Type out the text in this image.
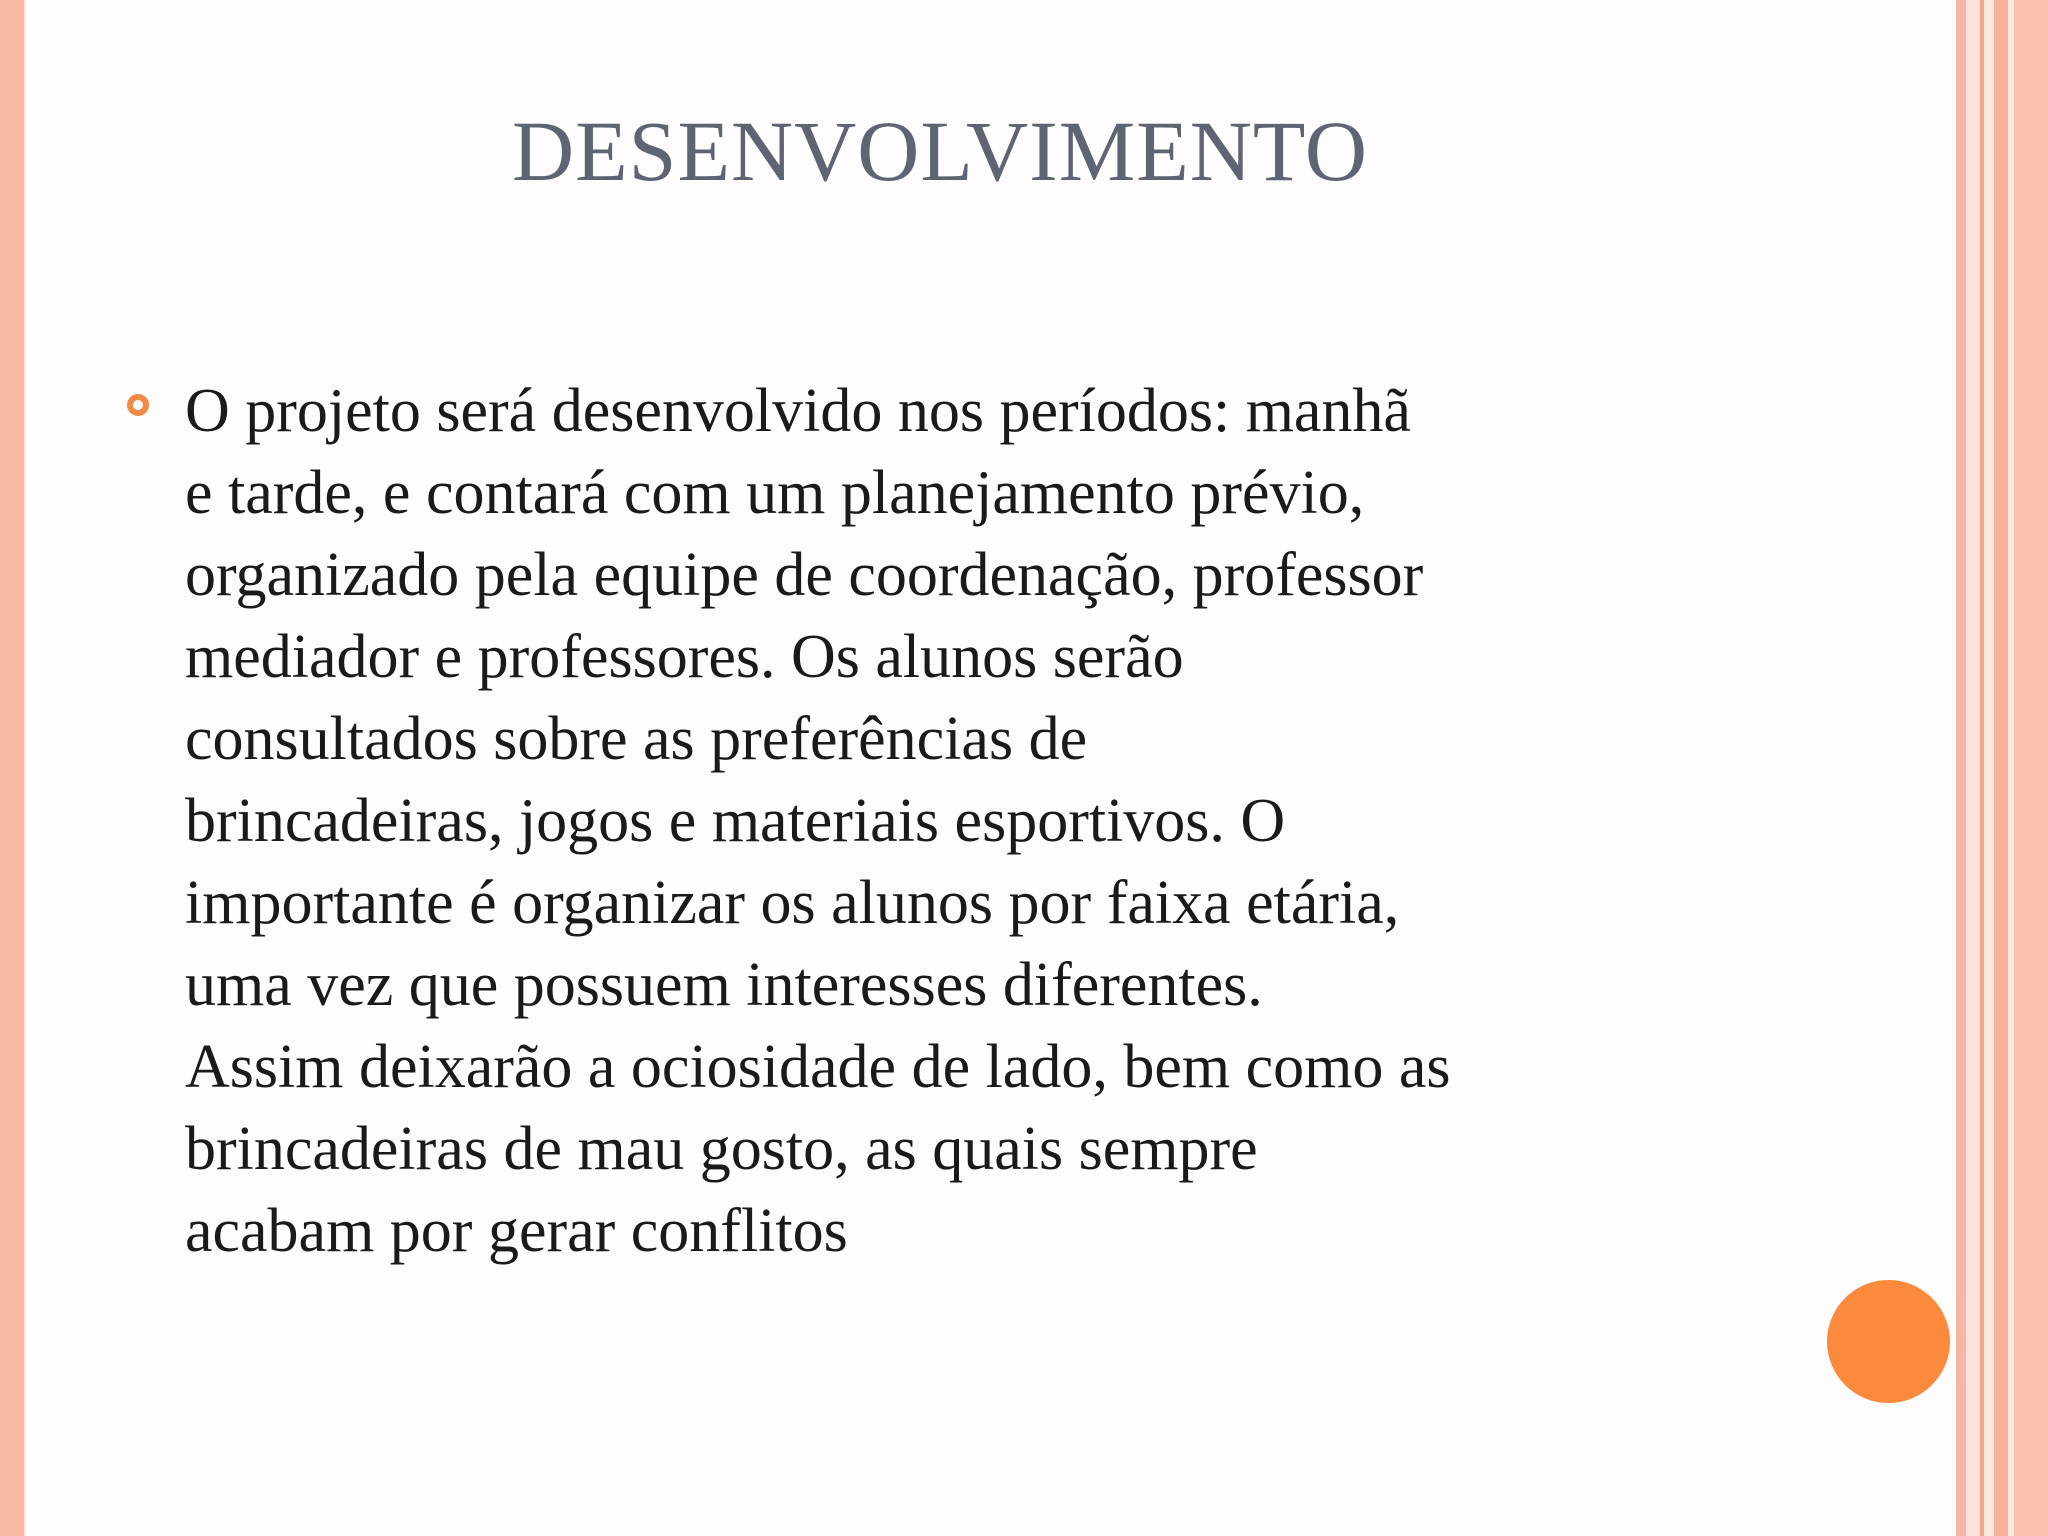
DESENVOLVIMENTO

O projeto será desenvolvido nos períodos: manhã
e tarde, e contará com um planejamento prévio,
organizado pela equipe de coordenação, professor
mediador e professores. Os alunos serão
consultados sobre as preferências de
brincadeiras, jogos e materiais esportivos. O
importante é organizar os alunos por faixa etária,
uma vez que possuem interesses diferentes.
Assim deixarão a ociosidade de lado, bem como as
brincadeiras de mau gosto, as quais sempre
acabam por gerar conflitos
